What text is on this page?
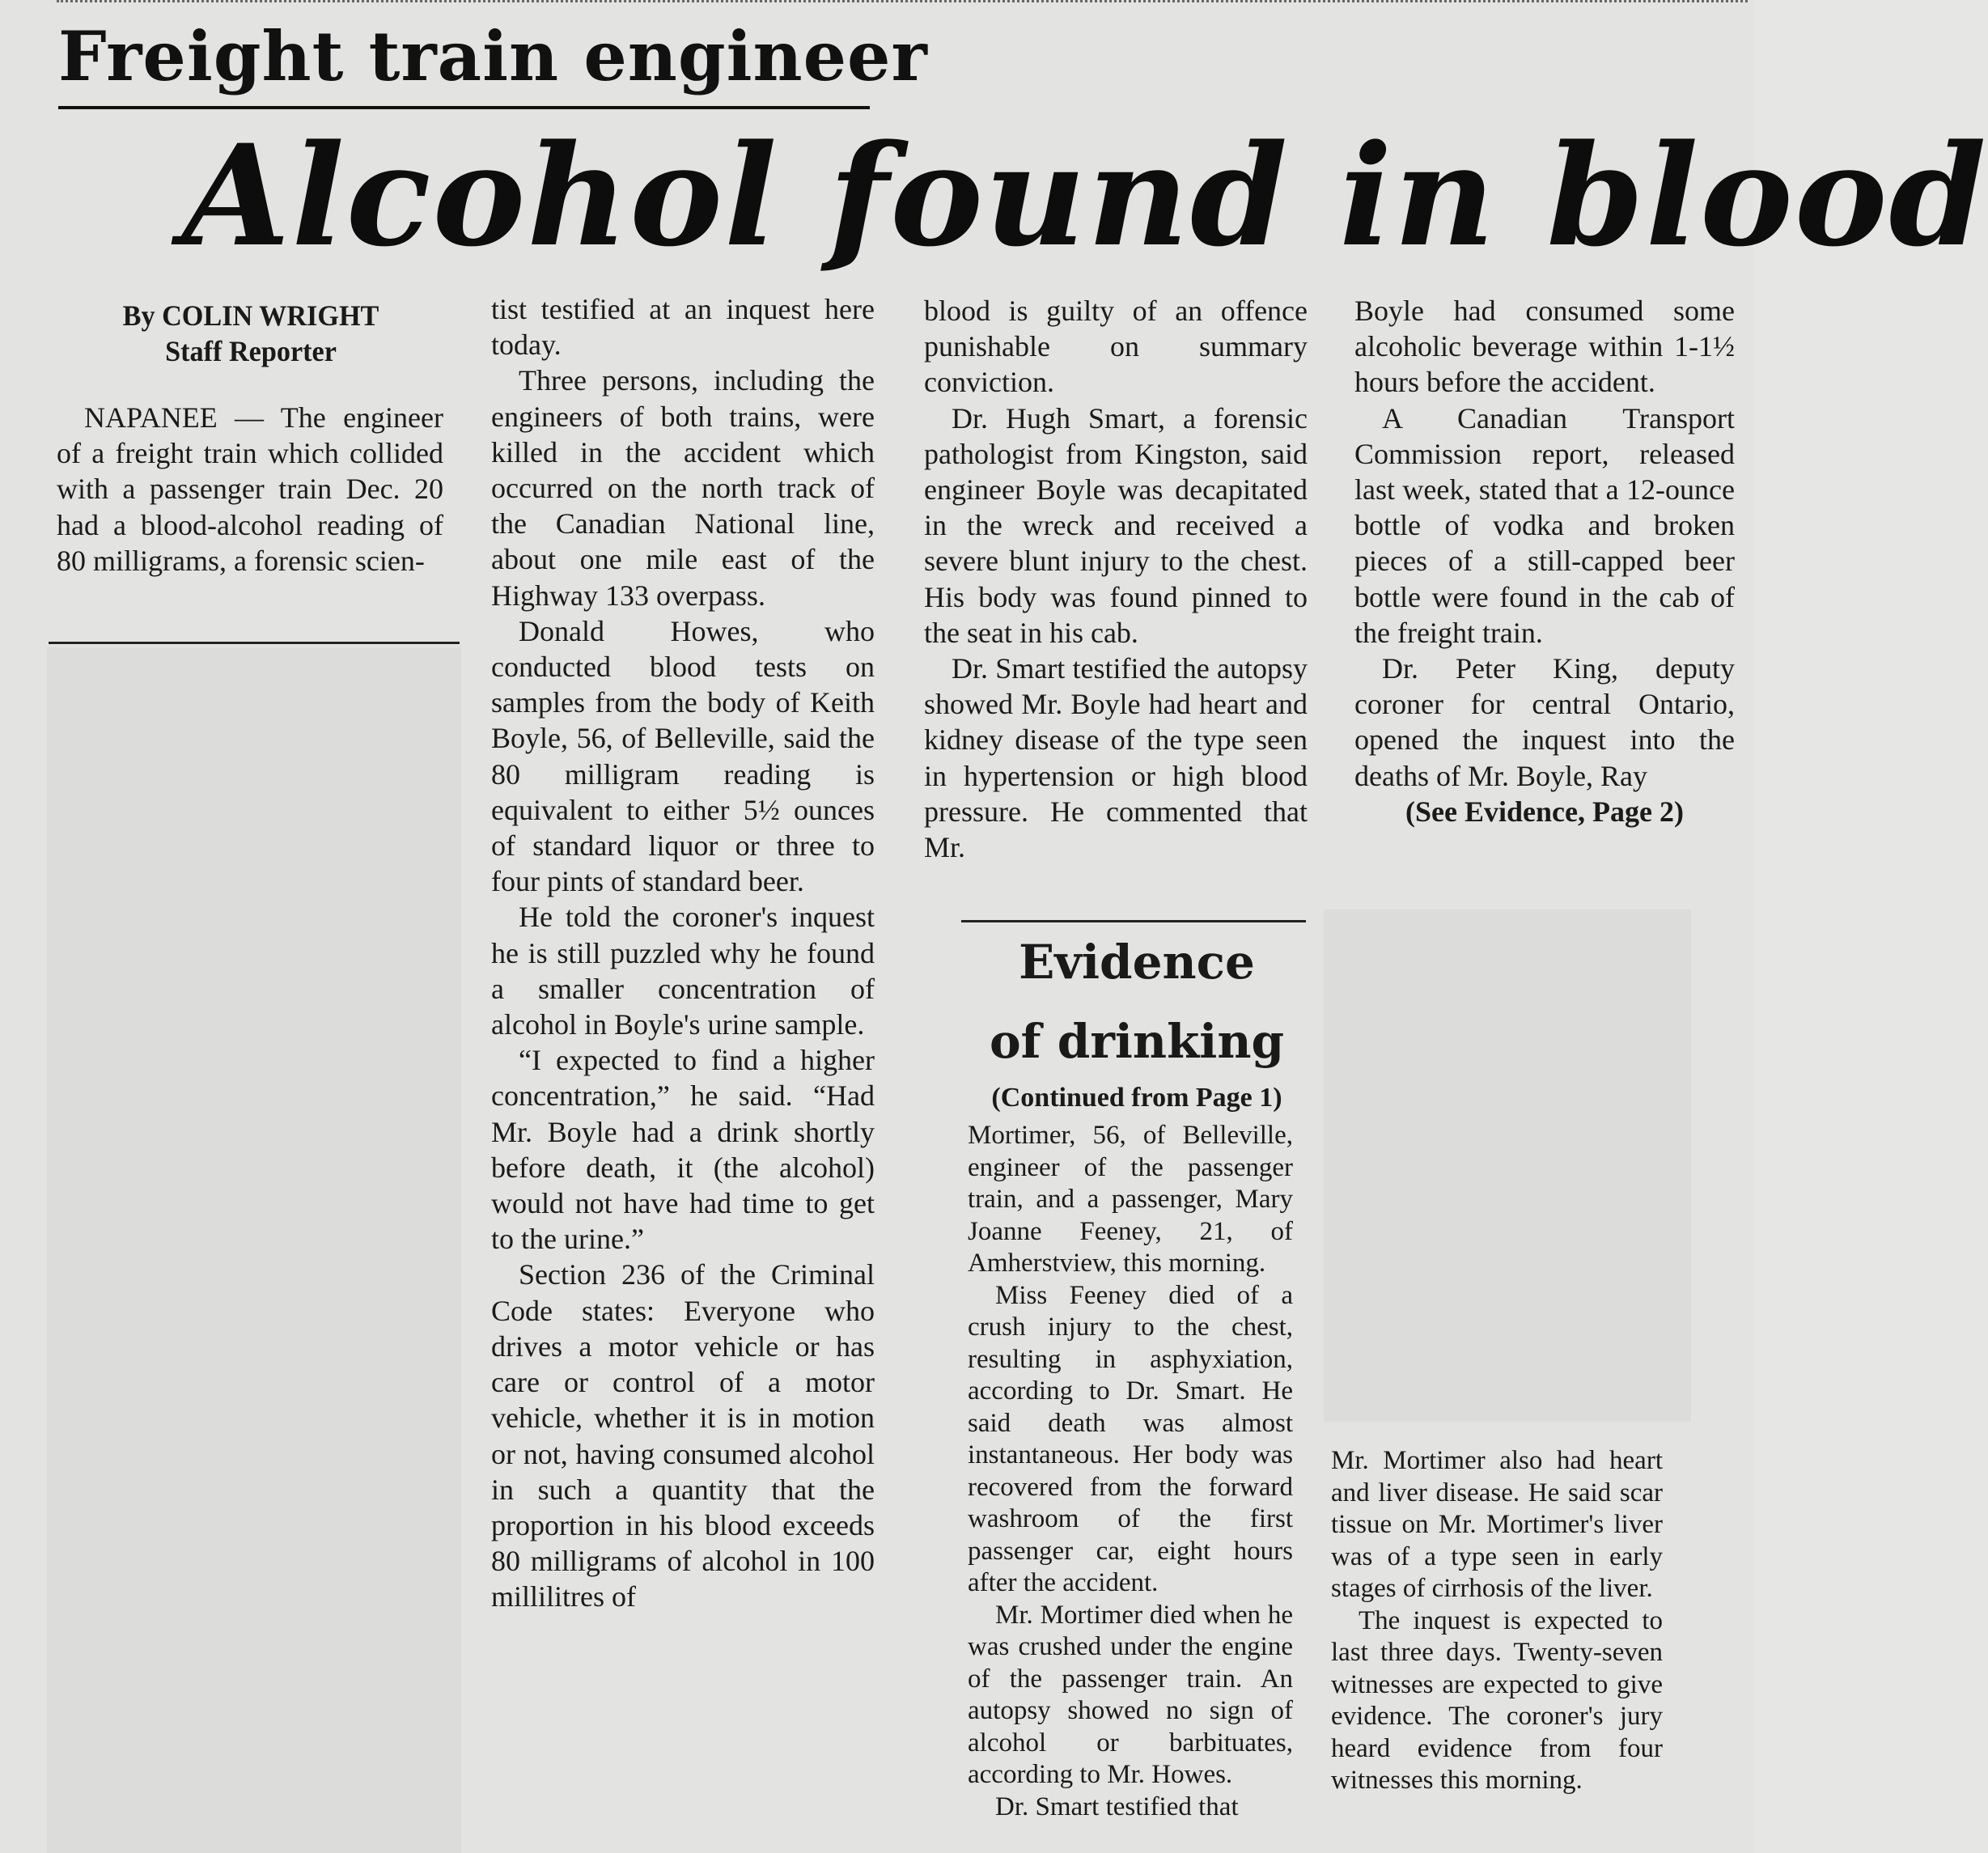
Freight train engineer
Alcohol found in blood
By COLIN WRIGHT
Staff Reporter

NAPANEE — The engineer of a freight train which collided with a passenger train Dec. 20 had a blood-alcohol reading of 80 milligrams, a forensic scien-

tist testified at an inquest here today.

Three persons, including the engineers of both trains, were killed in the accident which occurred on the north track of the Canadian National line, about one mile east of the Highway 133 overpass.

Donald Howes, who conducted blood tests on samples from the body of Keith Boyle, 56, of Belleville, said the 80 milligram reading is equivalent to either 5½ ounces of standard liquor or three to four pints of standard beer.

He told the coroner's inquest he is still puzzled why he found a smaller concentration of alcohol in Boyle's urine sample.

“I expected to find a higher concentration,” he said. “Had Mr. Boyle had a drink shortly before death, it (the alcohol) would not have had time to get to the urine.”

Section 236 of the Criminal Code states: Everyone who drives a motor vehicle or has care or control of a motor vehicle, whether it is in motion or not, having consumed alcohol in such a quantity that the proportion in his blood exceeds 80 milligrams of alcohol in 100 millilitres of

blood is guilty of an offence punishable on summary conviction.

Dr. Hugh Smart, a forensic pathologist from Kingston, said engineer Boyle was decapitated in the wreck and received a severe blunt injury to the chest. His body was found pinned to the seat in his cab.

Dr. Smart testified the autopsy showed Mr. Boyle had heart and kidney disease of the type seen in hypertension or high blood pressure. He commented that Mr.

Boyle had consumed some alcoholic beverage within 1-1½ hours before the accident.

A Canadian Transport Commission report, released last week, stated that a 12-ounce bottle of vodka and broken pieces of a still-capped beer bottle were found in the cab of the freight train.

Dr. Peter King, deputy coroner for central Ontario, opened the inquest into the deaths of Mr. Boyle, Ray

(See Evidence, Page 2)

Evidence
of drinking
(Continued from Page 1)

Mortimer, 56, of Belleville, engineer of the passenger train, and a passenger, Mary Joanne Feeney, 21, of Amherstview, this morning.

Miss Feeney died of a crush injury to the chest, resulting in asphyxiation, according to Dr. Smart. He said death was almost instantaneous. Her body was recovered from the forward washroom of the first passenger car, eight hours after the accident.

Mr. Mortimer died when he was crushed under the engine of the passenger train. An autopsy showed no sign of alcohol or barbituates, according to Mr. Howes.

Dr. Smart testified that

Mr. Mortimer also had heart and liver disease. He said scar tissue on Mr. Mortimer's liver was of a type seen in early stages of cirrhosis of the liver.

The inquest is expected to last three days. Twenty-seven witnesses are expected to give evidence. The coroner's jury heard evidence from four witnesses this morning.
